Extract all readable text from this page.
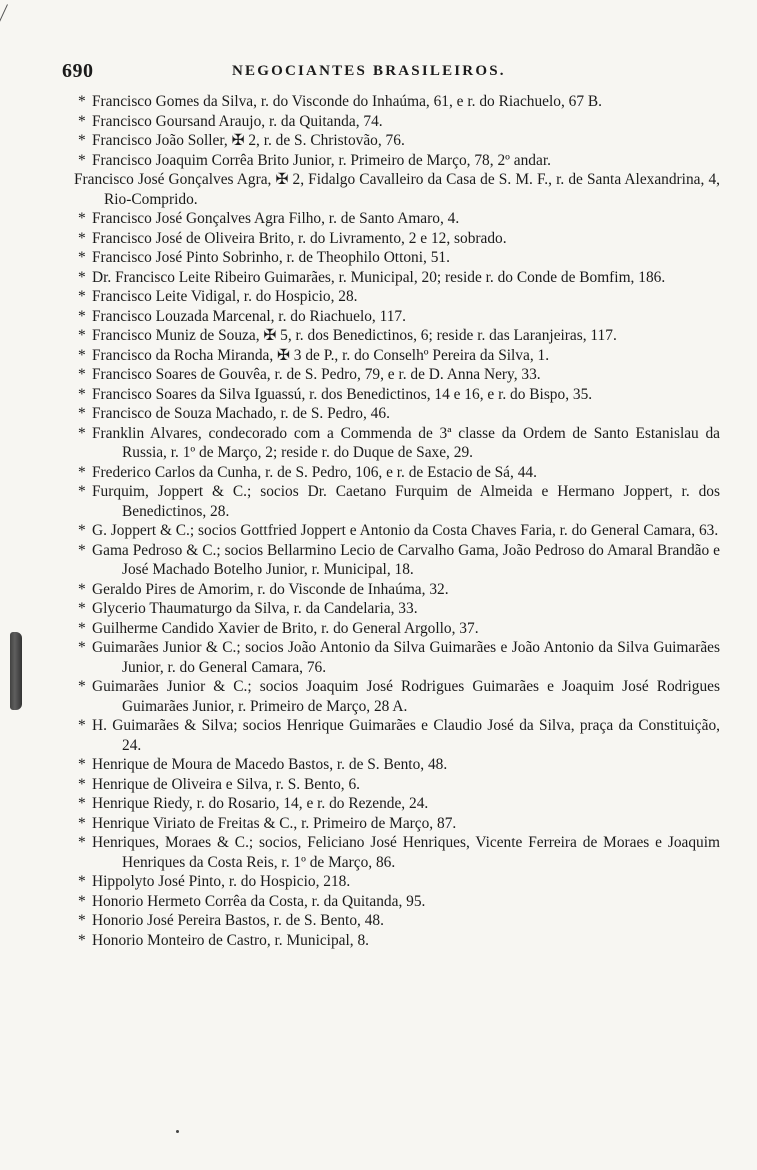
690	NEGOCIANTES BRASILEIROS.
* Francisco Gomes da Silva, r. do Visconde do Inhaúma, 61, e r. do Riachuelo, 67 B.
* Francisco Goursand Araujo, r. da Quitanda, 74.
* Francisco João Soller, ✠ 2, r. de S. Christovão, 76.
* Francisco Joaquim Corrêa Brito Junior, r. Primeiro de Março, 78, 2º andar.
Francisco José Gonçalves Agra, ✠ 2, Fidalgo Cavalleiro da Casa de S. M. F., r. de Santa Alexandrina, 4, Rio-Comprido.
* Francisco José Gonçalves Agra Filho, r. de Santo Amaro, 4.
* Francisco José de Oliveira Brito, r. do Livramento, 2 e 12, sobrado.
* Francisco José Pinto Sobrinho, r. de Theophilo Ottoni, 51.
* Dr. Francisco Leite Ribeiro Guimarães, r. Municipal, 20; reside r. do Conde de Bomfim, 186.
* Francisco Leite Vidigal, r. do Hospicio, 28.
* Francisco Louzada Marcenal, r. do Riachuelo, 117.
* Francisco Muniz de Souza, ✠ 5, r. dos Benedictinos, 6; reside r. das Laranjeiras, 117.
* Francisco da Rocha Miranda, ✠ 3 de P., r. do Conselhº Pereira da Silva, 1.
* Francisco Soares de Gouvêa, r. de S. Pedro, 79, e r. de D. Anna Nery, 33.
* Francisco Soares da Silva Iguassú, r. dos Benedictinos, 14 e 16, e r. do Bispo, 35.
* Francisco de Souza Machado, r. de S. Pedro, 46.
* Franklin Alvares, condecorado com a Commenda de 3ª classe da Ordem de Santo Estanislau da Russia, r. 1º de Março, 2; reside r. do Duque de Saxe, 29.
* Frederico Carlos da Cunha, r. de S. Pedro, 106, e r. de Estacio de Sá, 44.
* Furquim, Joppert & C.; socios Dr. Caetano Furquim de Almeida e Hermano Joppert, r. dos Benedictinos, 28.
* G. Joppert & C.; socios Gottfried Joppert e Antonio da Costa Chaves Faria, r. do General Camara, 63.
* Gama Pedroso & C.; socios Bellarmino Lecio de Carvalho Gama, João Pedroso do Amaral Brandão e José Machado Botelho Junior, r. Municipal, 18.
* Geraldo Pires de Amorim, r. do Visconde de Inhaúma, 32.
* Glycerio Thaumaturgo da Silva, r. da Candelaria, 33.
* Guilherme Candido Xavier de Brito, r. do General Argollo, 37.
* Guimarães Junior & C.; socios João Antonio da Silva Guimarães e João Antonio da Silva Guimarães Junior, r. do General Camara, 76.
* Guimarães Junior & C.; socios Joaquim José Rodrigues Guimarães e Joaquim José Rodrigues Guimarães Junior, r. Primeiro de Março, 28 A.
* H. Guimarães & Silva; socios Henrique Guimarães e Claudio José da Silva, praça da Constituição, 24.
* Henrique de Moura de Macedo Bastos, r. de S. Bento, 48.
* Henrique de Oliveira e Silva, r. S. Bento, 6.
* Henrique Riedy, r. do Rosario, 14, e r. do Rezende, 24.
* Henrique Viriato de Freitas & C., r. Primeiro de Março, 87.
* Henriques, Moraes & C.; socios, Feliciano José Henriques, Vicente Ferreira de Moraes e Joaquim Henriques da Costa Reis, r. 1º de Março, 86.
* Hippolyto José Pinto, r. do Hospicio, 218.
* Honorio Hermeto Corrêa da Costa, r. da Quitanda, 95.
* Honorio José Pereira Bastos, r. de S. Bento, 48.
* Honorio Monteiro de Castro, r. Municipal, 8.
